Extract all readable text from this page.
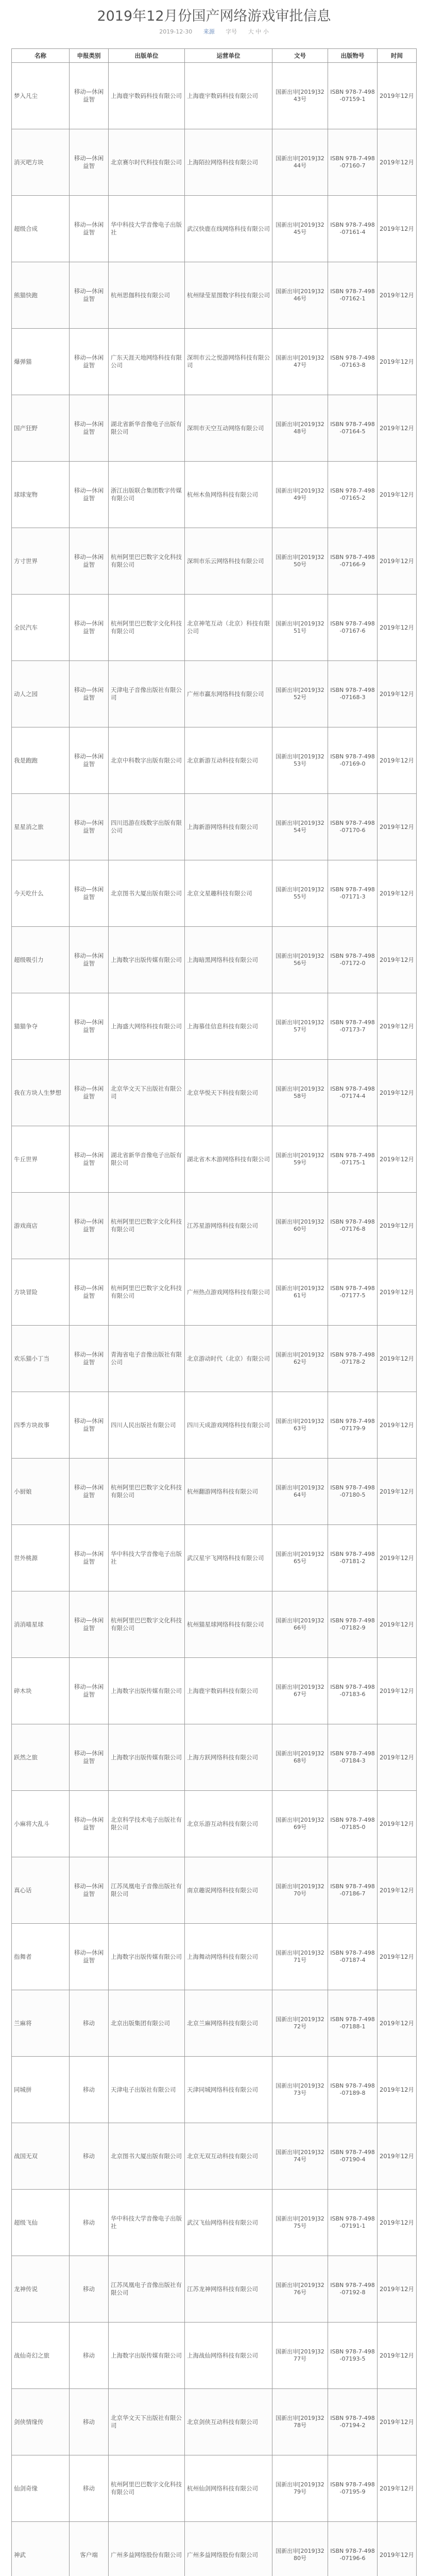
2019年12月份国产网络游戏审批信息
2019-12-30 来源 字号 大 中 小
名称	申报类别	出版单位	运营单位	文号	出版物号	时间
梦入凡尘	移动—休闲益智	上海鹿宇数码科技有限公司	上海鹿宇数码科技有限公司	国新出审[2019]3243号	ISBN 978-7-498-07159-1	2019年12月
消灭吧方块	移动—休闲益智	北京赛尔时代科技有限公司	上海陌拉网络科技有限公司	国新出审[2019]3244号	ISBN 978-7-498-07160-7	2019年12月
超级合成	移动—休闲益智	华中科技大学音像电子出版社	武汉快鹿在线网络科技有限公司	国新出审[2019]3245号	ISBN 978-7-498-07161-4	2019年12月
熊猫快跑	移动—休闲益智	杭州思伽科技有限公司	杭州绿莹星图数字科技有限公司	国新出审[2019]3246号	ISBN 978-7-498-07162-1	2019年12月
爆弹猫	移动—休闲益智	广东天涯天地网络科技有限公司	深圳市云之悦游网络科技有限公司	国新出审[2019]3247号	ISBN 978-7-498-07163-8	2019年12月
国产狂野	移动—休闲益智	湖北省新华音像电子出版有限公司	深圳市天空互动网络有限公司	国新出审[2019]3248号	ISBN 978-7-498-07164-5	2019年12月
球球宠物	移动—休闲益智	浙江出版联合集团数字传媒有限公司	杭州木鱼网络科技有限公司	国新出审[2019]3249号	ISBN 978-7-498-07165-2	2019年12月
方寸世界	移动—休闲益智	杭州阿里巴巴数字文化科技有限公司	深圳市乐云网络科技有限公司	国新出审[2019]3250号	ISBN 978-7-498-07166-9	2019年12月
全民汽车	移动—休闲益智	杭州阿里巴巴数字文化科技有限公司	北京神笔互动（北京）科技有限公司	国新出审[2019]3251号	ISBN 978-7-498-07167-6	2019年12月
动人之园	移动—休闲益智	天津电子音像出版社有限公司	广州市赢东网络科技有限公司	国新出审[2019]3252号	ISBN 978-7-498-07168-3	2019年12月
我是跑跑	移动—休闲益智	北京中科数字出版有限公司	北京新游互动科技有限公司	国新出审[2019]3253号	ISBN 978-7-498-07169-0	2019年12月
星星消之旅	移动—休闲益智	四川迅游在线数字出版有限公司	上海新游网络科技有限公司	国新出审[2019]3254号	ISBN 978-7-498-07170-6	2019年12月
今天吃什么	移动—休闲益智	北京图书大厦出版有限公司	北京文星趣科技有限公司	国新出审[2019]3255号	ISBN 978-7-498-07171-3	2019年12月
超级吸引力	移动—休闲益智	上海数字出版传媒有限公司	上海暗黑网络科技有限公司	国新出审[2019]3256号	ISBN 978-7-498-07172-0	2019年12月
猫猫争夺	移动—休闲益智	上海盛大网络科技有限公司	上海慕佳信息科技有限公司	国新出审[2019]3257号	ISBN 978-7-498-07173-7	2019年12月
我在方块人生梦想	移动—休闲益智	北京华文天下出版社有限公司	北京华悦天下科技有限公司	国新出审[2019]3258号	ISBN 978-7-498-07174-4	2019年12月
牛丘世界	移动—休闲益智	湖北省新华音像电子出版有限公司	湖北省木木游网络科技有限公司	国新出审[2019]3259号	ISBN 978-7-498-07175-1	2019年12月
游戏商店	移动—休闲益智	杭州阿里巴巴数字文化科技有限公司	江苏星游网络科技有限公司	国新出审[2019]3260号	ISBN 978-7-498-07176-8	2019年12月
方块冒险	移动—休闲益智	杭州阿里巴巴数字文化科技有限公司	广州热点游戏网络科技有限公司	国新出审[2019]3261号	ISBN 978-7-498-07177-5	2019年12月
欢乐猫小丁当	移动—休闲益智	青海省电子音像出版社有限公司	北京游动时代（北京）有限公司	国新出审[2019]3262号	ISBN 978-7-498-07178-2	2019年12月
四季方块故事	移动—休闲益智	四川人民出版社有限公司	四川天成游戏网络科技有限公司	国新出审[2019]3263号	ISBN 978-7-498-07179-9	2019年12月
小厨娘	移动—休闲益智	杭州阿里巴巴数字文化科技有限公司	杭州翻游网络科技有限公司	国新出审[2019]3264号	ISBN 978-7-498-07180-5	2019年12月
世外桃源	移动—休闲益智	华中科技大学音像电子出版社	武汉星宇飞网络科技有限公司	国新出审[2019]3265号	ISBN 978-7-498-07181-2	2019年12月
消消喵星球	移动—休闲益智	杭州阿里巴巴数字文化科技有限公司	杭州猫星球网络科技有限公司	国新出审[2019]3266号	ISBN 978-7-498-07182-9	2019年12月
碎木块	移动—休闲益智	上海数字出版传媒有限公司	上海鹿宇数码科技有限公司	国新出审[2019]3267号	ISBN 978-7-498-07183-6	2019年12月
跃然之旅	移动—休闲益智	上海数字出版传媒有限公司	上海方跃网络科技有限公司	国新出审[2019]3268号	ISBN 978-7-498-07184-3	2019年12月
小麻将大乱斗	移动—休闲益智	北京科学技术电子出版社有限公司	北京乐游互动科技有限公司	国新出审[2019]3269号	ISBN 978-7-498-07185-0	2019年12月
真心话	移动—休闲益智	江苏凤凰电子音像出版社有限公司	南京趣说网络科技有限公司	国新出审[2019]3270号	ISBN 978-7-498-07186-7	2019年12月
指舞者	移动—休闲益智	上海数字出版传媒有限公司	上海舞动网络科技有限公司	国新出审[2019]3271号	ISBN 978-7-498-07187-4	2019年12月
兰麻将	移动	北京出版集团有限公司	北京兰麻网络科技有限公司	国新出审[2019]3272号	ISBN 978-7-498-07188-1	2019年12月
同城拼	移动	天津电子出版社有限公司	天津同城网络科技有限公司	国新出审[2019]3273号	ISBN 978-7-498-07189-8	2019年12月
战国无双	移动	北京图书大厦出版有限公司	北京无双互动科技有限公司	国新出审[2019]3274号	ISBN 978-7-498-07190-4	2019年12月
超级飞仙	移动	华中科技大学音像电子出版社	武汉飞仙网络科技有限公司	国新出审[2019]3275号	ISBN 978-7-498-07191-1	2019年12月
龙神传说	移动	江苏凤凰电子音像出版社有限公司	江苏龙神网络科技有限公司	国新出审[2019]3276号	ISBN 978-7-498-07192-8	2019年12月
战仙奇幻之旅	移动	上海数字出版传媒有限公司	上海战仙网络科技有限公司	国新出审[2019]3277号	ISBN 978-7-498-07193-5	2019年12月
剑侠情缘传	移动	北京华文天下出版社有限公司	北京剑侠互动科技有限公司	国新出审[2019]3278号	ISBN 978-7-498-07194-2	2019年12月
仙剑奇缘	移动	杭州阿里巴巴数字文化科技有限公司	杭州仙剑网络科技有限公司	国新出审[2019]3279号	ISBN 978-7-498-07195-9	2019年12月
神武	客户端	广州多益网络股份有限公司	广州多益网络股份有限公司	国新出审[2019]3280号	ISBN 978-7-498-07196-6	2019年12月
